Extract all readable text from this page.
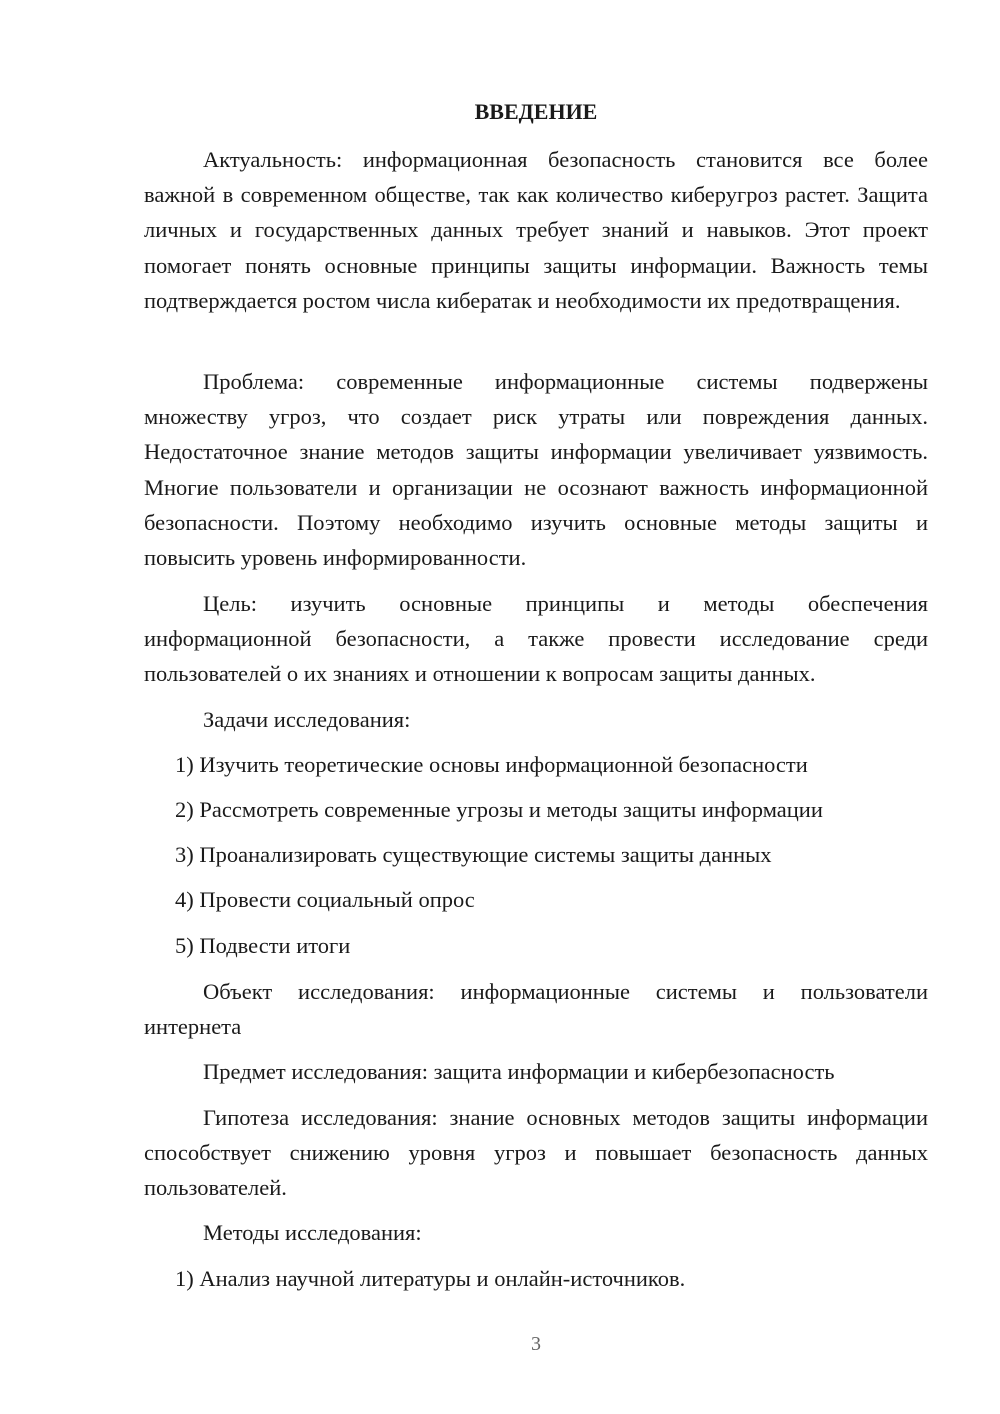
ВВЕДЕНИЕ

Актуальность: информационная безопасность становится все более важной в современном обществе, так как количество киберугроз растет. Защита личных и государственных данных требует знаний и навыков. Этот проект помогает понять основные принципы защиты информации. Важность темы подтверждается ростом числа кибератак и необходимости их предотвращения.

Проблема: современные информационные системы подвержены множеству угроз, что создает риск утраты или повреждения данных. Недостаточное знание методов защиты информации увеличивает уязвимость. Многие пользователи и организации не осознают важность информационной безопасности. Поэтому необходимо изучить основные методы защиты и повысить уровень информированности.

Цель: изучить основные принципы и методы обеспечения информационной безопасности, а также провести исследование среди пользователей о их знаниях и отношении к вопросам защиты данных.

Задачи исследования:
1) Изучить теоретические основы информационной безопасности
2) Рассмотреть современные угрозы и методы защиты информации
3) Проанализировать существующие системы защиты данных
4) Провести социальный опрос
5) Подвести итоги

Объект исследования: информационные системы и пользователи интернета

Предмет исследования: защита информации и кибербезопасность

Гипотеза исследования: знание основных методов защиты информации способствует снижению уровня угроз и повышает безопасность данных пользователей.

Методы исследования:
1) Анализ научной литературы и онлайн-источников.
3
